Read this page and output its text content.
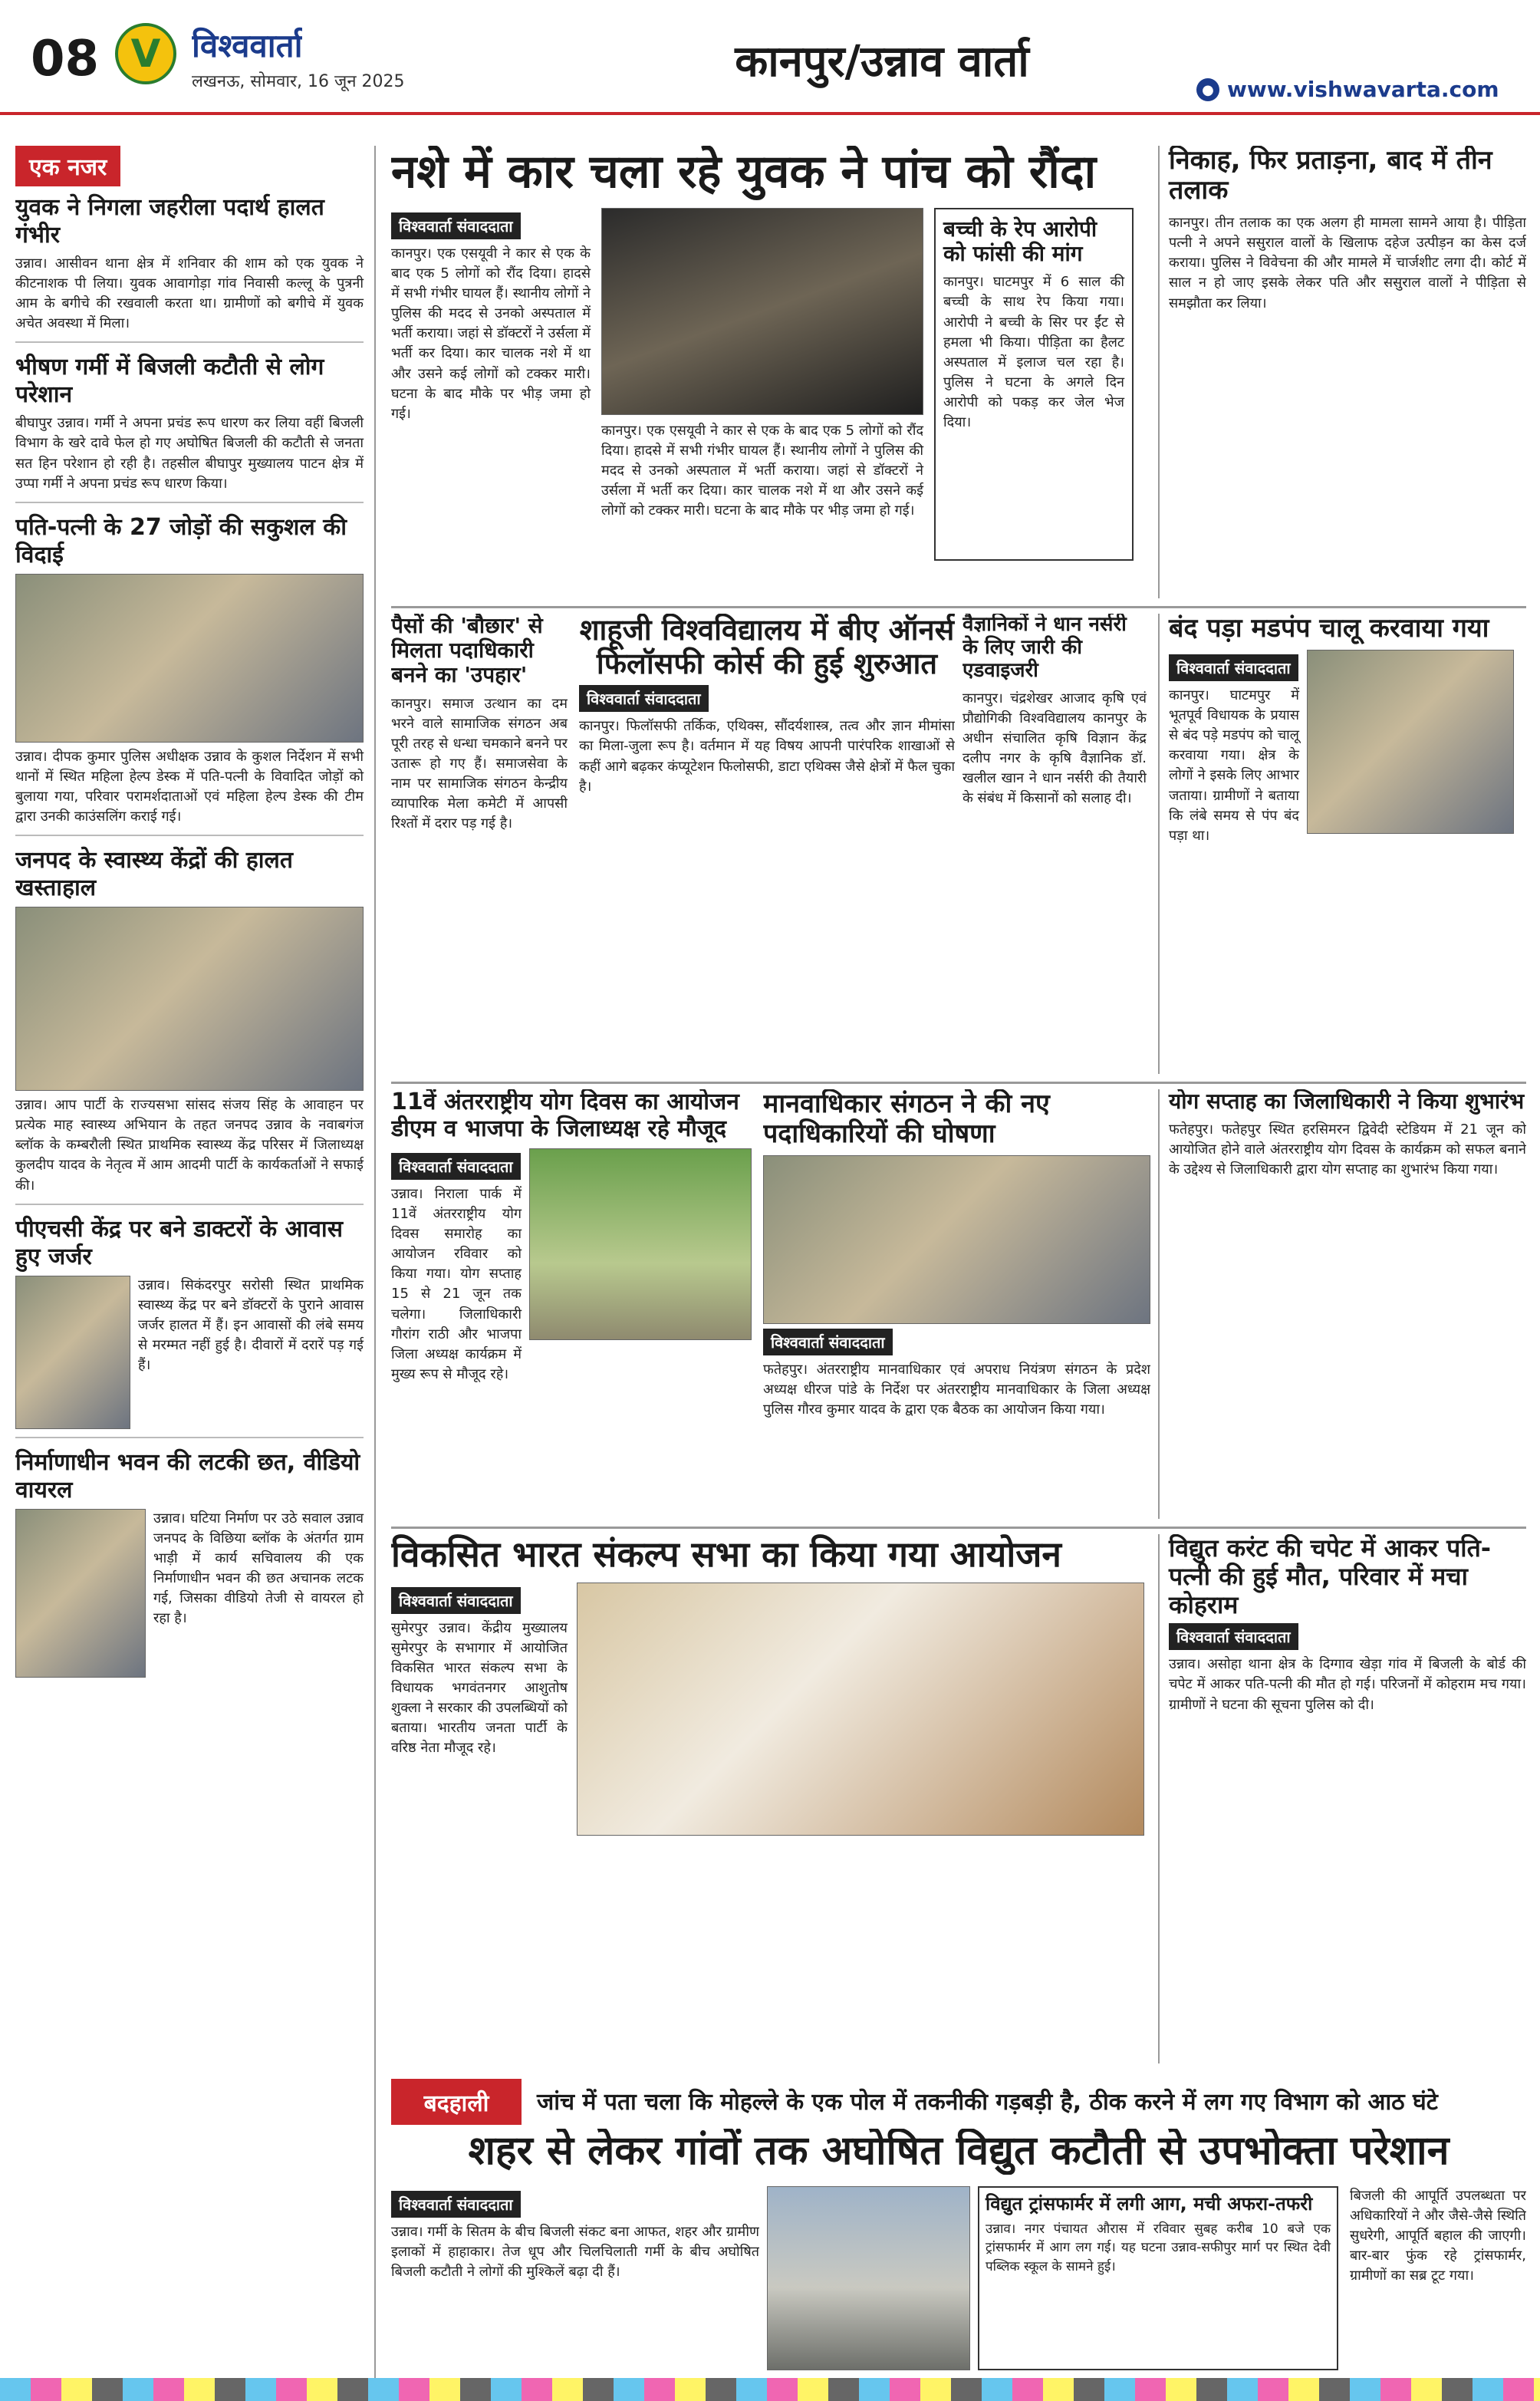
08 V विश्ववार्ता
लखनऊ, सोमवार, 16 जून 2025	कानपुर/उन्नाव वार्ता
● www.vishwavarta.com
एक नजर
युवक ने निगला जहरीला पदार्थ हालत गंभीर

उन्नाव। आसीवन थाना क्षेत्र में शनिवार की शाम को एक युवक ने कीटनाशक पी लिया। युवक आवागोड़ा गांव निवासी कल्लू के पुत्रनी आम के बगीचे की रखवाली करता था। ग्रामीणों को बगीचे में युवक अचेत अवस्था में मिला।

भीषण गर्मी में बिजली कटौती से लोग परेशान

बीघापुर उन्नाव। गर्मी ने अपना प्रचंड रूप धारण कर लिया वहीं बिजली विभाग के खरे दावे फेल हो गए अघोषित बिजली की कटौती से जनता सत हिन परेशान हो रही है। तहसील बीघापुर मुख्यालय पाटन क्षेत्र में उप्पा गर्मी ने अपना प्रचंड रूप धारण किया।

पति-पत्नी के 27 जोड़ों की सकुशल की विदाई

उन्नाव। दीपक कुमार पुलिस अधीक्षक उन्नाव के कुशल निर्देशन में सभी थानों में स्थित महिला हेल्प डेस्क में पति-पत्नी के विवादित जोड़ों को बुलाया गया, परिवार परामर्शदाताओं एवं महिला हेल्प डेस्क की टीम द्वारा उनकी काउंसलिंग कराई गई।

जनपद के स्वास्थ्य केंद्रों की हालत खस्ताहाल

उन्नाव। आप पार्टी के राज्यसभा सांसद संजय सिंह के आवाहन पर प्रत्येक माह स्वास्थ्य अभियान के तहत जनपद उन्नाव के नवाबगंज ब्लॉक के कम्बरौली स्थित प्राथमिक स्वास्थ्य केंद्र परिसर में जिलाध्यक्ष कुलदीप यादव के नेतृत्व में आम आदमी पार्टी के कार्यकर्ताओं ने सफाई की।

पीएचसी केंद्र पर बने डाक्टरों के आवास हुए जर्जर

उन्नाव। सिकंदरपुर सरोसी स्थित प्राथमिक स्वास्थ्य केंद्र पर बने डॉक्टरों के पुराने आवास जर्जर हालत में हैं। इन आवासों की लंबे समय से मरम्मत नहीं हुई है। दीवारों में दरारें पड़ गई हैं।

निर्माणाधीन भवन की लटकी छत, वीडियो वायरल

उन्नाव। घटिया निर्माण पर उठे सवाल उन्नाव जनपद के विछिया ब्लॉक के अंतर्गत ग्राम भाड़ी में कार्य सचिवालय की एक निर्माणाधीन भवन की छत अचानक लटक गई, जिसका वीडियो तेजी से वायरल हो रहा है।

नशे में कार चला रहे युवक ने पांच को रौंदा
विश्ववार्ता संवाददाता

कानपुर। एक एसयूवी ने कार से एक के बाद एक 5 लोगों को रौंद दिया। हादसे में सभी गंभीर घायल हैं। स्थानीय लोगों ने पुलिस की मदद से उनको अस्पताल में भर्ती कराया। जहां से डॉक्टरों ने उर्सला में भर्ती कर दिया। कार चालक नशे में था और उसने कई लोगों को टक्कर मारी। घटना के बाद मौके पर भीड़ जमा हो गई।

कानपुर। एक एसयूवी ने कार से एक के बाद एक 5 लोगों को रौंद दिया। हादसे में सभी गंभीर घायल हैं। स्थानीय लोगों ने पुलिस की मदद से उनको अस्पताल में भर्ती कराया। जहां से डॉक्टरों ने उर्सला में भर्ती कर दिया। कार चालक नशे में था और उसने कई लोगों को टक्कर मारी। घटना के बाद मौके पर भीड़ जमा हो गई।

बच्ची के रेप आरोपी को फांसी की मांग

कानपुर। घाटमपुर में 6 साल की बच्ची के साथ रेप किया गया। आरोपी ने बच्ची के सिर पर ईंट से हमला भी किया। पीड़िता का हैलट अस्पताल में इलाज चल रहा है। पुलिस ने घटना के अगले दिन आरोपी को पकड़ कर जेल भेज दिया।

निकाह, फिर प्रताड़ना, बाद में तीन तलाक

कानपुर। तीन तलाक का एक अलग ही मामला सामने आया है। पीड़िता पत्नी ने अपने ससुराल वालों के खिलाफ दहेज उत्पीड़न का केस दर्ज कराया। पुलिस ने विवेचना की और मामले में चार्जशीट लगा दी। कोर्ट में साल न हो जाए इसके लेकर पति और ससुराल वालों ने पीड़िता से समझौता कर लिया।

पैसों की 'बौछार' से मिलता पदाधिकारी बनने का 'उपहार'

कानपुर। समाज उत्थान का दम भरने वाले सामाजिक संगठन अब पूरी तरह से धन्धा चमकाने बनने पर उतारू हो गए हैं। समाजसेवा के नाम पर सामाजिक संगठन केन्द्रीय व्यापारिक मेला कमेटी में आपसी रिश्तों में दरार पड़ गई है।

शाहूजी विश्वविद्यालय में बीए ऑनर्स फिलॉसफी कोर्स की हुई शुरुआत
विश्ववार्ता संवाददाता

कानपुर। फिलॉसफी तर्किक, एथिक्स, सौंदर्यशास्त्र, तत्व और ज्ञान मीमांसा का मिला-जुला रूप है। वर्तमान में यह विषय आपनी पारंपरिक शाखाओं से कहीं आगे बढ़कर कंप्यूटेशन फिलोसफी, डाटा एथिक्स जैसे क्षेत्रों में फैल चुका है।

वैज्ञानिकों ने धान नर्सरी के लिए जारी की एडवाइजरी

कानपुर। चंद्रशेखर आजाद कृषि एवं प्रौद्योगिकी विश्वविद्यालय कानपुर के अधीन संचालित कृषि विज्ञान केंद्र दलीप नगर के कृषि वैज्ञानिक डॉ. खलील खान ने धान नर्सरी की तैयारी के संबंध में किसानों को सलाह दी।

बंद पड़ा मडपंप चालू करवाया गया
विश्ववार्ता संवाददाता

कानपुर। घाटमपुर में भूतपूर्व विधायक के प्रयास से बंद पड़े मडपंप को चालू करवाया गया। क्षेत्र के लोगों ने इसके लिए आभार जताया। ग्रामीणों ने बताया कि लंबे समय से पंप बंद पड़ा था।

11वें अंतरराष्ट्रीय योग दिवस का आयोजन डीएम व भाजपा के जिलाध्यक्ष रहे मौजूद
विश्ववार्ता संवाददाता

उन्नाव। निराला पार्क में 11वें अंतरराष्ट्रीय योग दिवस समारोह का आयोजन रविवार को किया गया। योग सप्ताह 15 से 21 जून तक चलेगा। जिलाधिकारी गौरांग राठी और भाजपा जिला अध्यक्ष कार्यक्रम में मुख्य रूप से मौजूद रहे।

मानवाधिकार संगठन ने की नए पदाधिकारियों की घोषणा
विश्ववार्ता संवाददाता

फतेहपुर। अंतरराष्ट्रीय मानवाधिकार एवं अपराध नियंत्रण संगठन के प्रदेश अध्यक्ष धीरज पांडे के निर्देश पर अंतरराष्ट्रीय मानवाधिकार के जिला अध्यक्ष पुलिस गौरव कुमार यादव के द्वारा एक बैठक का आयोजन किया गया।

योग सप्ताह का जिलाधिकारी ने किया शुभारंभ

फतेहपुर। फतेहपुर स्थित हरसिमरन द्विवेदी स्टेडियम में 21 जून को आयोजित होने वाले अंतरराष्ट्रीय योग दिवस के कार्यक्रम को सफल बनाने के उद्देश्य से जिलाधिकारी द्वारा योग सप्ताह का शुभारंभ किया गया।

विकसित भारत संकल्प सभा का किया गया आयोजन
विश्ववार्ता संवाददाता

सुमेरपुर उन्नाव। केंद्रीय मुख्यालय सुमेरपुर के सभागार में आयोजित विकसित भारत संकल्प सभा के विधायक भगवंतनगर आशुतोष शुक्ला ने सरकार की उपलब्धियों को बताया। भारतीय जनता पार्टी के वरिष्ठ नेता मौजूद रहे।

विद्युत करंट की चपेट में आकर पति-पत्नी की हुई मौत, परिवार में मचा कोहराम
विश्ववार्ता संवाददाता

उन्नाव। असोहा थाना क्षेत्र के दिग्गाव खेड़ा गांव में बिजली के बोर्ड की चपेट में आकर पति-पत्नी की मौत हो गई। परिजनों में कोहराम मच गया। ग्रामीणों ने घटना की सूचना पुलिस को दी।

बदहाली	जांच में पता चला कि मोहल्ले के एक पोल में तकनीकी गड़बड़ी है, ठीक करने में लग गए विभाग को आठ घंटे
शहर से लेकर गांवों तक अघोषित विद्युत कटौती से उपभोक्ता परेशान
विश्ववार्ता संवाददाता

उन्नाव। गर्मी के सितम के बीच बिजली संकट बना आफत, शहर और ग्रामीण इलाकों में हाहाकार। तेज धूप और चिलचिलाती गर्मी के बीच अघोषित बिजली कटौती ने लोगों की मुश्किलें बढ़ा दी हैं।

विद्युत ट्रांसफार्मर में लगी आग, मची अफरा-तफरी

उन्नाव। नगर पंचायत औरास में रविवार सुबह करीब 10 बजे एक ट्रांसफार्मर में आग लग गई। यह घटना उन्नाव-सफीपुर मार्ग पर स्थित देवी पब्लिक स्कूल के सामने हुई।

बिजली की आपूर्ति उपलब्धता पर अधिकारियों ने और जैसे-जैसे स्थिति सुधरेगी, आपूर्ति बहाल की जाएगी। बार-बार फुंक रहे ट्रांसफार्मर, ग्रामीणों का सब्र टूट गया।
